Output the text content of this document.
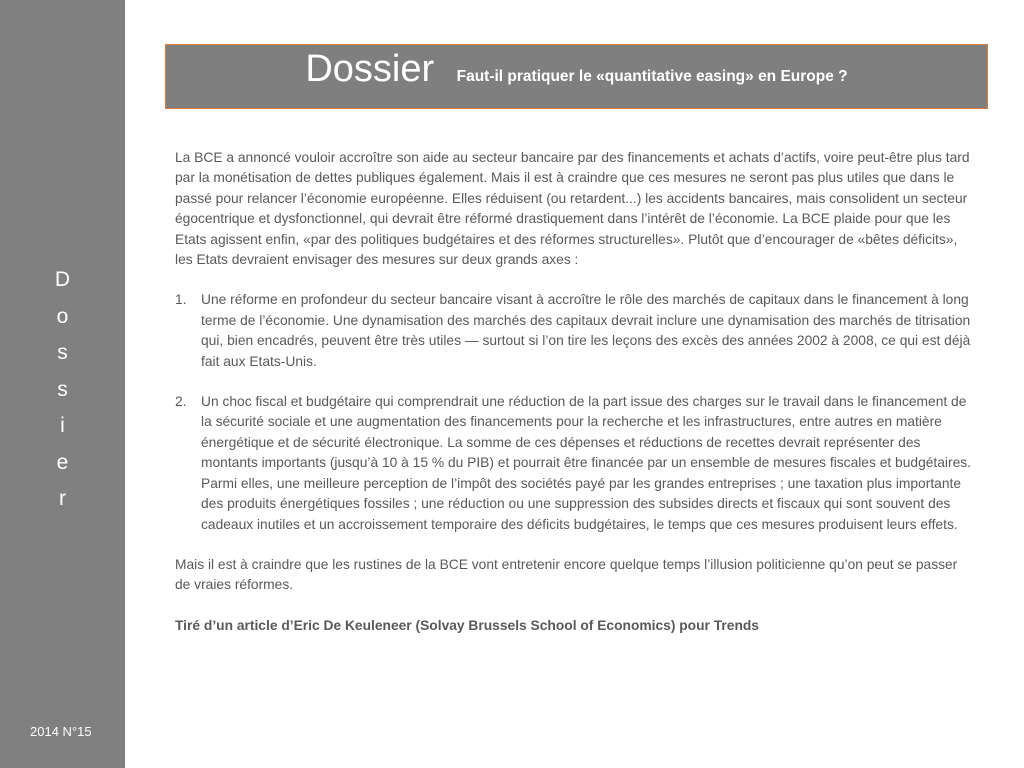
D
o
s
s
i
e
r
2014 N°15
Dossier Faut-il pratiquer le «quantitative easing» en Europe ?

La BCE a annoncé vouloir accroître son aide au secteur bancaire par des financements et achats d’actifs, voire peut-être plus tard par la monétisation de dettes publiques également. Mais il est à craindre que ces mesures ne seront pas plus utiles que dans le passé pour relancer l’économie européenne. Elles réduisent (ou retardent...) les accidents bancaires, mais consolident un secteur égocentrique et dysfonctionnel, qui devrait être réformé drastiquement dans l’intérêt de l’économie. La BCE plaide pour que les Etats agissent enfin, «par des politiques budgétaires et des réformes structurelles». Plutôt que d’encourager de «bêtes déficits», les Etats devraient envisager des mesures sur deux grands axes :

1. Une réforme en profondeur du secteur bancaire visant à accroître le rôle des marchés de capitaux dans le financement à long terme de l’économie. Une dynamisation des marchés des capitaux devrait inclure une dynamisation des marchés de titrisation qui, bien encadrés, peuvent être très utiles — surtout si l’on tire les leçons des excès des années 2002 à 2008, ce qui est déjà fait aux Etats-Unis.
2. Un choc fiscal et budgétaire qui comprendrait une réduction de la part issue des charges sur le travail dans le financement de la sécurité sociale et une augmentation des financements pour la recherche et les infrastructures, entre autres en matière énergétique et de sécurité électronique. La somme de ces dépenses et réductions de recettes devrait représenter des montants importants (jusqu’à 10 à 15 % du PIB) et pourrait être financée par un ensemble de mesures fiscales et budgétaires. Parmi elles, une meilleure perception de l’impôt des sociétés payé par les grandes entreprises ; une taxation plus importante des produits énergétiques fossiles ; une réduction ou une suppression des subsides directs et fiscaux qui sont souvent des cadeaux inutiles et un accroissement temporaire des déficits budgétaires, le temps que ces mesures produisent leurs effets.

Mais il est à craindre que les rustines de la BCE vont entretenir encore quelque temps l’illusion politicienne qu’on peut se passer de vraies réformes.

Tiré d’un article d’Eric De Keuleneer (Solvay Brussels School of Economics) pour Trends
